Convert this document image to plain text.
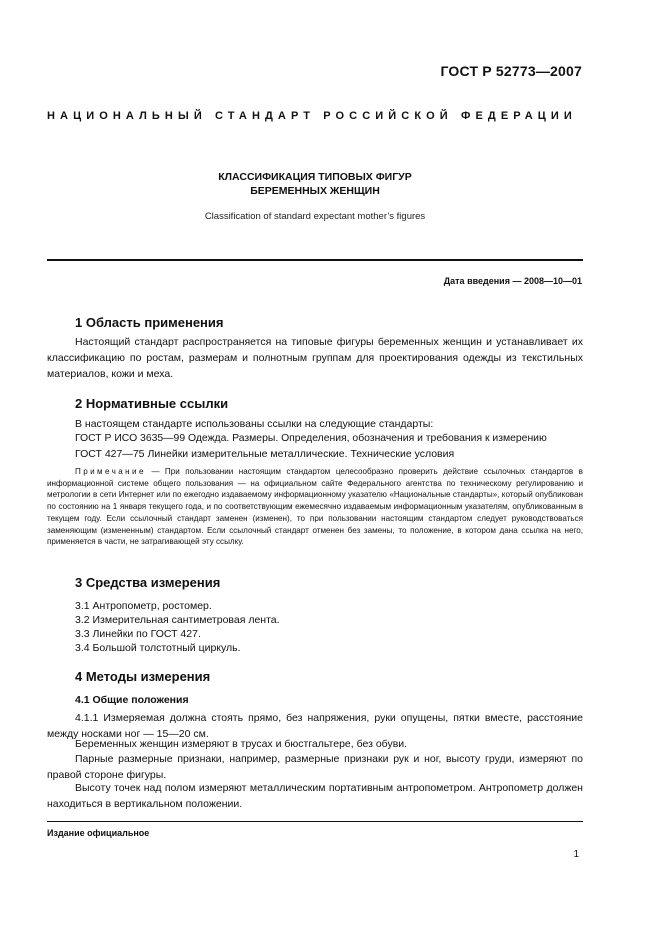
ГОСТ Р 52773—2007
НАЦИОНАЛЬНЫЙ СТАНДАРТ РОССИЙСКОЙ ФЕДЕРАЦИИ
КЛАССИФИКАЦИЯ ТИПОВЫХ ФИГУР
БЕРЕМЕННЫХ ЖЕНЩИН
Classification of standard expectant mother’s figures
Дата введения — 2008—10—01
1 Область применения
Настоящий стандарт распространяется на типовые фигуры беременных женщин и устанавливает их классификацию по ростам, размерам и полнотным группам для проектирования одежды из текстильных материалов, кожи и меха.
2 Нормативные ссылки
В настоящем стандарте использованы ссылки на следующие стандарты:
ГОСТ Р ИСО 3635—99 Одежда. Размеры. Определения, обозначения и требования к измерению
ГОСТ 427—75 Линейки измерительные металлические. Технические условия
Примечание — При пользовании настоящим стандартом целесообразно проверить действие ссылочных стандартов в информационной системе общего пользования — на официальном сайте Федерального агентства по техническому регулированию и метрологии в сети Интернет или по ежегодно издаваемому информационному указателю «Национальные стандарты», который опубликован по состоянию на 1 января текущего года, и по соответствующим ежемесячно издаваемым информационным указателям, опубликованным в текущем году. Если ссылочный стандарт заменен (изменен), то при пользовании настоящим стандартом следует руководствоваться заменяющим (измененным) стандартом. Если ссылочный стандарт отменен без замены, то положение, в котором дана ссылка на него, применяется в части, не затрагивающей эту ссылку.
3 Средства измерения
3.1 Антропометр, ростомер.
3.2 Измерительная сантиметровая лента.
3.3 Линейки по ГОСТ 427.
3.4 Большой толстотный циркуль.
4 Методы измерения
4.1 Общие положения
4.1.1 Измеряемая должна стоять прямо, без напряжения, руки опущены, пятки вместе, расстояние между носками ног — 15—20 см.
Беременных женщин измеряют в трусах и бюстгальтере, без обуви.
Парные размерные признаки, например, размерные признаки рук и ног, высоту груди, измеряют по правой стороне фигуры.
Высоту точек над полом измеряют металлическим портативным антропометром. Антропометр должен находиться в вертикальном положении.
Издание официальное
1
